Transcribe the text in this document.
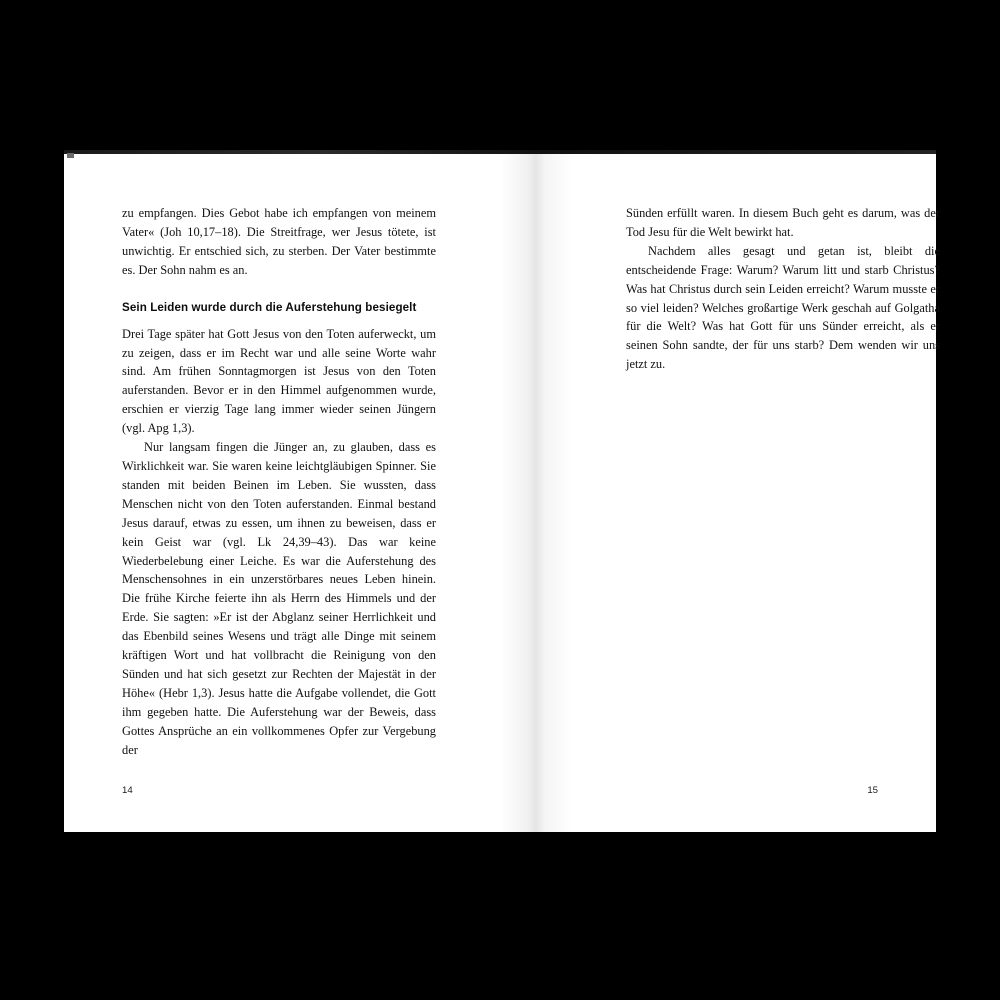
zu empfangen. Dies Gebot habe ich empfangen von meinem Vater« (Joh 10,17–18). Die Streitfrage, wer Jesus tötete, ist unwichtig. Er entschied sich, zu sterben. Der Vater bestimmte es. Der Sohn nahm es an.

Sein Leiden wurde durch die Auferstehung besiegelt

Drei Tage später hat Gott Jesus von den Toten auferweckt, um zu zeigen, dass er im Recht war und alle seine Worte wahr sind. Am frühen Sonntagmorgen ist Jesus von den Toten auferstanden. Bevor er in den Himmel aufgenommen wurde, erschien er vierzig Tage lang immer wieder seinen Jüngern (vgl. Apg 1,3).

Nur langsam fingen die Jünger an, zu glauben, dass es Wirklichkeit war. Sie waren keine leichtgläubigen Spinner. Sie standen mit beiden Beinen im Leben. Sie wussten, dass Menschen nicht von den Toten auferstanden. Einmal bestand Jesus darauf, etwas zu essen, um ihnen zu beweisen, dass er kein Geist war (vgl. Lk 24,39–43). Das war keine Wiederbelebung einer Leiche. Es war die Auferstehung des Menschensohnes in ein unzerstörbares neues Leben hinein. Die frühe Kirche feierte ihn als Herrn des Himmels und der Erde. Sie sagten: »Er ist der Abglanz seiner Herrlichkeit und das Ebenbild seines Wesens und trägt alle Dinge mit seinem kräftigen Wort und hat vollbracht die Reinigung von den Sünden und hat sich gesetzt zur Rechten der Majestät in der Höhe« (Hebr 1,3). Jesus hatte die Aufgabe vollendet, die Gott ihm gegeben hatte. Die Auferstehung war der Beweis, dass Gottes Ansprüche an ein vollkommenes Opfer zur Vergebung der

14

Sünden erfüllt waren. In diesem Buch geht es darum, was der Tod Jesu für die Welt bewirkt hat.

Nachdem alles gesagt und getan ist, bleibt die entscheidende Frage: Warum? Warum litt und starb Christus? Was hat Christus durch sein Leiden erreicht? Warum musste er so viel leiden? Welches großartige Werk geschah auf Golgatha für die Welt? Was hat Gott für uns Sünder erreicht, als er seinen Sohn sandte, der für uns starb? Dem wenden wir uns jetzt zu.

15
